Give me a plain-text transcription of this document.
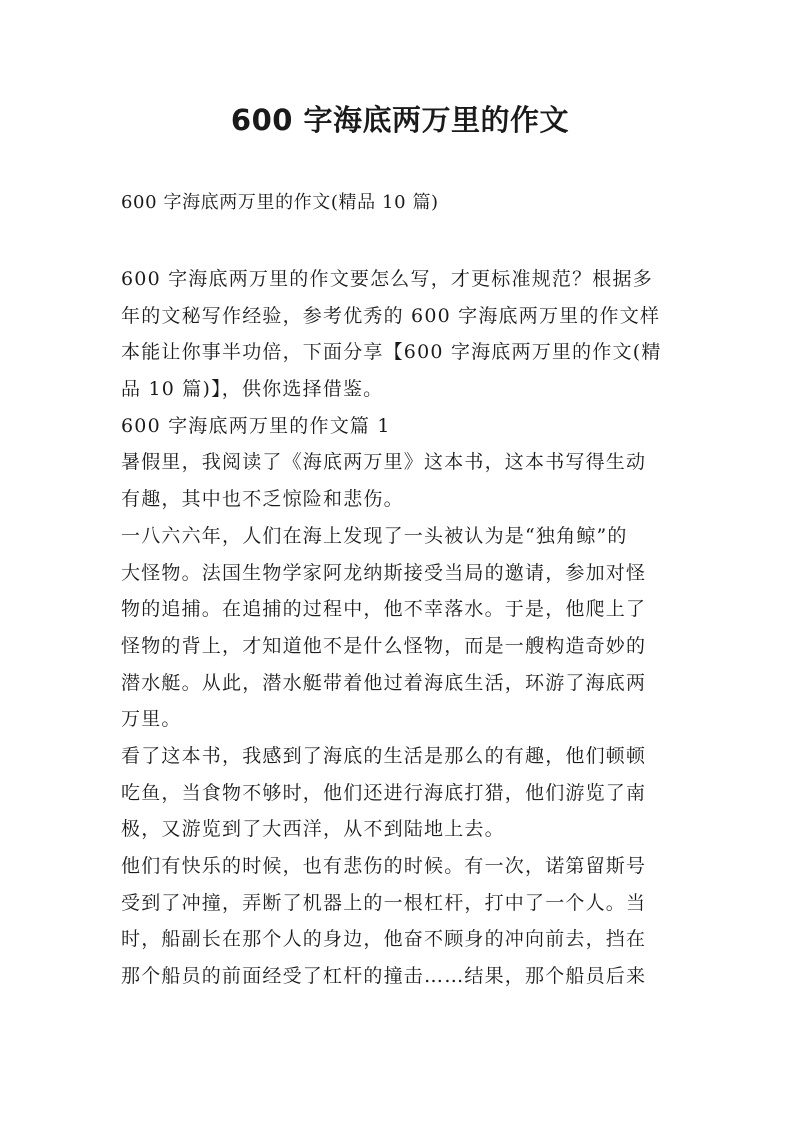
600 字海底两万里的作文
600 字海底两万里的作文(精品 10 篇)
600 字海底两万里的作文要怎么写，才更标准规范？根据多
年的文秘写作经验，参考优秀的 600 字海底两万里的作文样
本能让你事半功倍，下面分享【600 字海底两万里的作文(精
品 10 篇)】，供你选择借鉴。
600 字海底两万里的作文篇 1
暑假里，我阅读了《海底两万里》这本书，这本书写得生动
有趣，其中也不乏惊险和悲伤。
一八六六年，人们在海上发现了一头被认为是“独角鲸”的
大怪物。法国生物学家阿龙纳斯接受当局的邀请，参加对怪
物的追捕。在追捕的过程中，他不幸落水。于是，他爬上了
怪物的背上，才知道他不是什么怪物，而是一艘构造奇妙的
潜水艇。从此，潜水艇带着他过着海底生活，环游了海底两
万里。
看了这本书，我感到了海底的生活是那么的有趣，他们顿顿
吃鱼，当食物不够时，他们还进行海底打猎，他们游览了南
极，又游览到了大西洋，从不到陆地上去。
他们有快乐的时候，也有悲伤的时候。有一次，诺第留斯号
受到了冲撞，弄断了机器上的一根杠杆，打中了一个人。当
时，船副长在那个人的身边，他奋不顾身的冲向前去，挡在
那个船员的前面经受了杠杆的撞击……结果，那个船员后来
